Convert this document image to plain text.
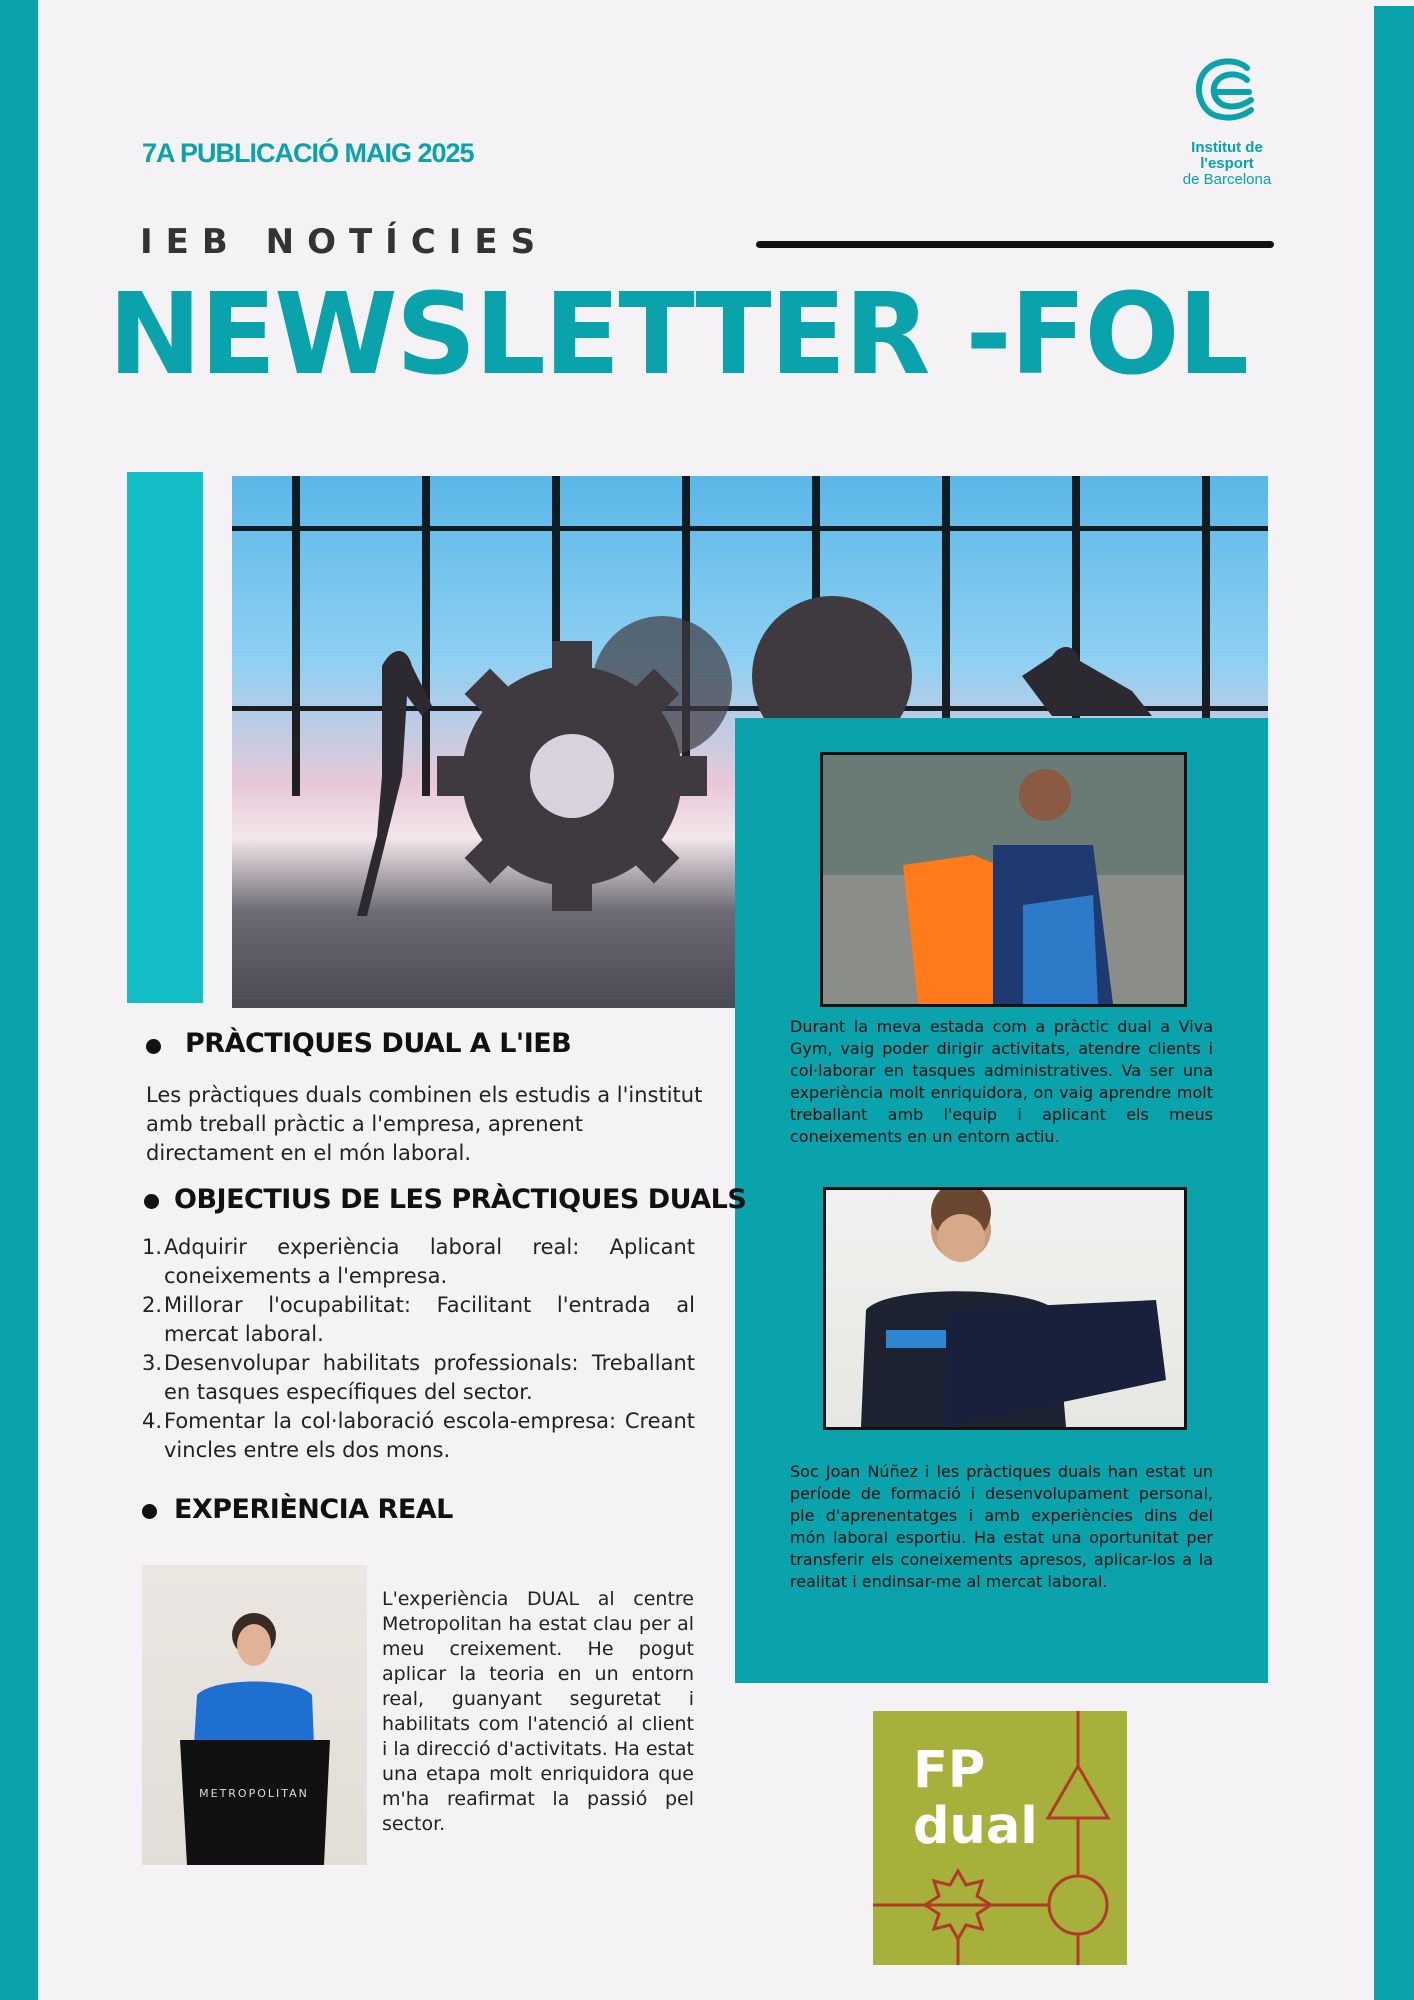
7A PUBLICACIÓ MAIG 2025
IEB NOTÍCIES
NEWSLETTER -FOL
Institut de
l'esport
de Barcelona

Durant la meva estada com a pràctic dual a Viva Gym, vaig poder dirigir activitats, atendre clients i col·laborar en tasques administratives. Va ser una experiència molt enriquidora, on vaig aprendre molt treballant amb l'equip i aplicant els meus coneixements en un entorn actiu.

Soc Joan Núñez i les pràctiques duals han estat un període de formació i desenvolupament personal, ple d'aprenentatges i amb experiències dins del món laboral esportiu. Ha estat una oportunitat per transferir els coneixements apresos, aplicar-los a la realitat i endinsar-me al mercat laboral.

PRÀCTIQUES DUAL A L'IEB

Les pràctiques duals combinen els estudis a l'institut amb treball pràctic a l'empresa, aprenent directament en el món laboral.

OBJECTIUS DE LES PRÀCTIQUES DUALS
1. Adquirir experiència laboral real: Aplicant coneixements a l'empresa.
2. Millorar l'ocupabilitat: Facilitant l'entrada al mercat laboral.
3. Desenvolupar habilitats professionals: Treballant en tasques específiques del sector.
4. Fomentar la col·laboració escola-empresa: Creant vincles entre els dos mons.
EXPERIÈNCIA REAL
METROPOLITAN

L'experiència DUAL al centre Metropolitan ha estat clau per al meu creixement. He pogut aplicar la teoria en un entorn real, guanyant seguretat i habilitats com l'atenció al client i la direcció d'activitats. Ha estat una etapa molt enriquidora que m'ha reafirmat la passió pel sector.

FP
dual
